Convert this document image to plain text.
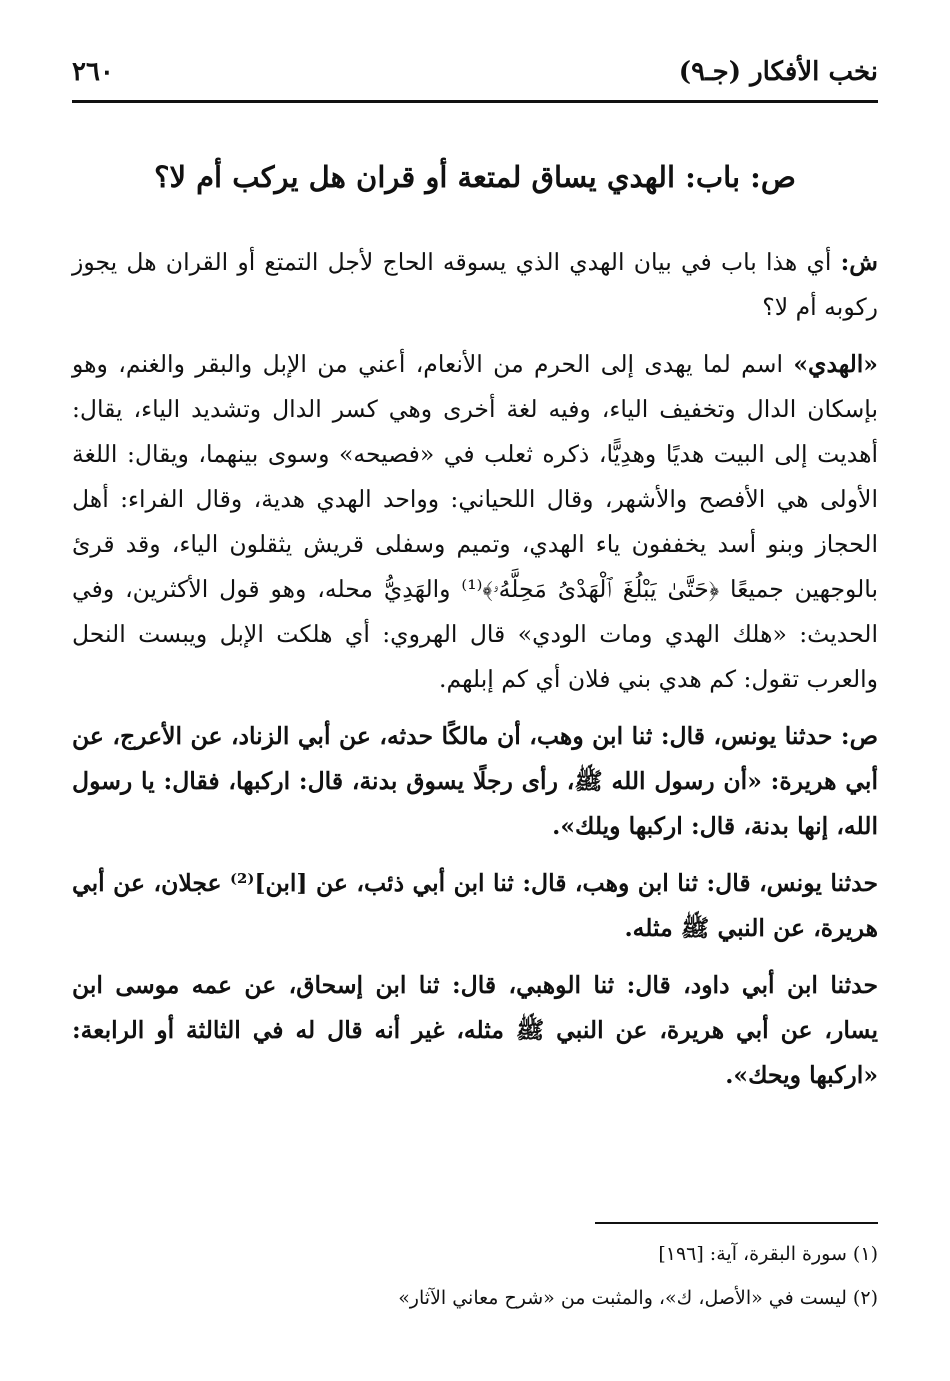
نخب الأفكار (جـ٩)
٢٦٠
ص: باب: الهدي يساق لمتعة أو قران هل يركب أم لا؟

ش: أي هذا باب في بيان الهدي الذي يسوقه الحاج لأجل التمتع أو القران هل يجوز ركوبه أم لا؟

«الهدي» اسم لما يهدى إلى الحرم من الأنعام، أعني من الإبل والبقر والغنم، وهو بإسكان الدال وتخفيف الياء، وفيه لغة أخرى وهي كسر الدال وتشديد الياء، يقال: أهديت إلى البيت هديًا وهدِيًّا، ذكره ثعلب في «فصيحه» وسوى بينهما، ويقال: اللغة الأولى هي الأفصح والأشهر، وقال اللحياني: وواحد الهدي هدية، وقال الفراء: أهل الحجاز وبنو أسد يخففون ياء الهدي، وتميم وسفلى قريش يثقلون الياء، وقد قرئ بالوجهين جميعًا ﴿حَتَّىٰ يَبْلُغَ ٱلْهَدْىُ مَحِلَّهُۥ﴾⁽¹⁾ والهَدِيُّ محله، وهو قول الأكثرين، وفي الحديث: «هلك الهدي ومات الودي» قال الهروي: أي هلكت الإبل ويبست النحل والعرب تقول: كم هدي بني فلان أي كم إبلهم.

ص: حدثنا يونس، قال: ثنا ابن وهب، أن مالكًا حدثه، عن أبي الزناد، عن الأعرج، عن أبي هريرة: «أن رسول الله ﷺ، رأى رجلًا يسوق بدنة، قال: اركبها، فقال: يا رسول الله، إنها بدنة، قال: اركبها ويلك».

حدثنا يونس، قال: ثنا ابن وهب، قال: ثنا ابن أبي ذئب، عن [ابن]⁽²⁾ عجلان، عن أبي هريرة، عن النبي ﷺ مثله.

حدثنا ابن أبي داود، قال: ثنا الوهبي، قال: ثنا ابن إسحاق، عن عمه موسى ابن يسار، عن أبي هريرة، عن النبي ﷺ مثله، غير أنه قال له في الثالثة أو الرابعة: «اركبها ويحك».

(١) سورة البقرة، آية: [١٩٦]
(٢) ليست في «الأصل، ك»، والمثبت من «شرح معاني الآثار»
